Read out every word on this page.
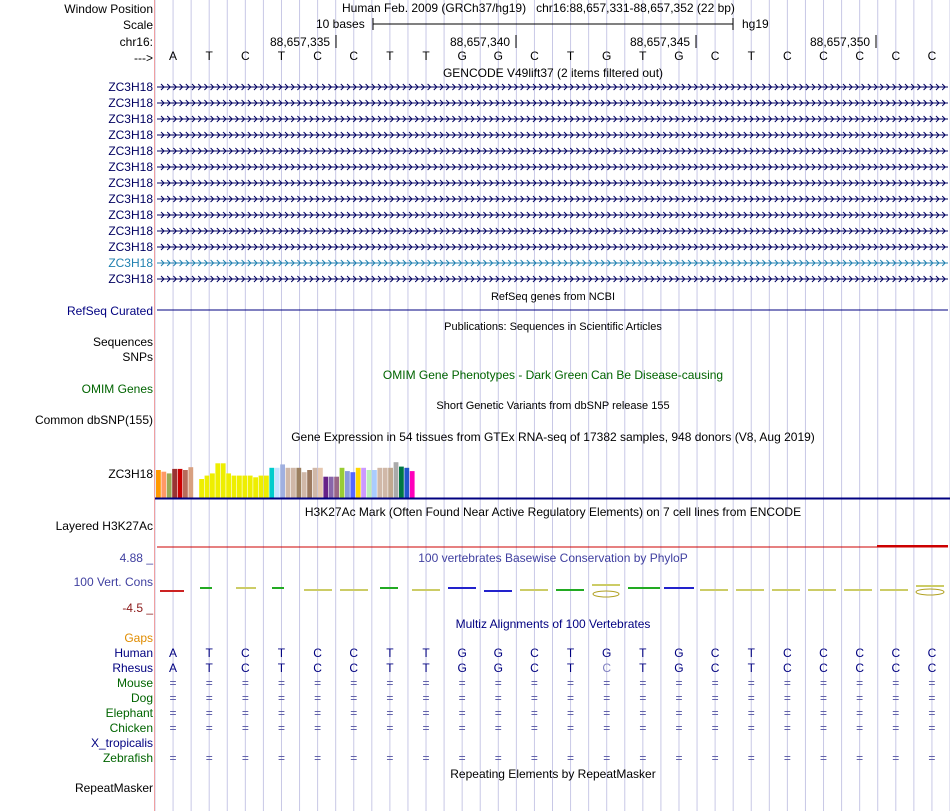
Window Position
Scale
chr16:
--->
Human Feb. 2009 (GRCh37/hg19)   chr16:88,657,331-88,657,352 (22 bp)
10 bases	hg19
88,657,335	88,657,340	88,657,345	88,657,350
A T C T C C T T G G C T G T G C T C C C C C
GENCODE V49lift37 (2 items filtered out)
ZC3H18
ZC3H18
ZC3H18
ZC3H18
ZC3H18
ZC3H18
ZC3H18
ZC3H18
ZC3H18
ZC3H18
ZC3H18
ZC3H18
ZC3H18
RefSeq genes from NCBI
RefSeq Curated
Publications: Sequences in Scientific Articles
Sequences
SNPs
OMIM Gene Phenotypes - Dark Green Can Be Disease-causing
OMIM Genes
Short Genetic Variants from dbSNP release 155
Common dbSNP(155)
Gene Expression in 54 tissues from GTEx RNA-seq of 17382 samples, 948 donors (V8, Aug 2019)
ZC3H18
H3K27Ac Mark (Often Found Near Active Regulatory Elements) on 7 cell lines from ENCODE
Layered H3K27Ac
100 vertebrates Basewise Conservation by PhyloP
4.88 _
100 Vert. Cons
-4.5 _
Multiz Alignments of 100 Vertebrates
Gaps
Human A T C T C C T T G G C T G T G C T C C C C C
Rhesus A T C T C C T T G G C T C T G C T C C C C C
Mouse = = = = = = = = = = = = = = = = = = = = = =
Dog = = = = = = = = = = = = = = = = = = = = = =
Elephant = = = = = = = = = = = = = = = = = = = = = =
Chicken = = = = = = = = = = = = = = = = = = = = = =
X_tropicalis
Zebrafish = = = = = = = = = = = = = = = = = = = = = =
Repeating Elements by RepeatMasker
RepeatMasker
